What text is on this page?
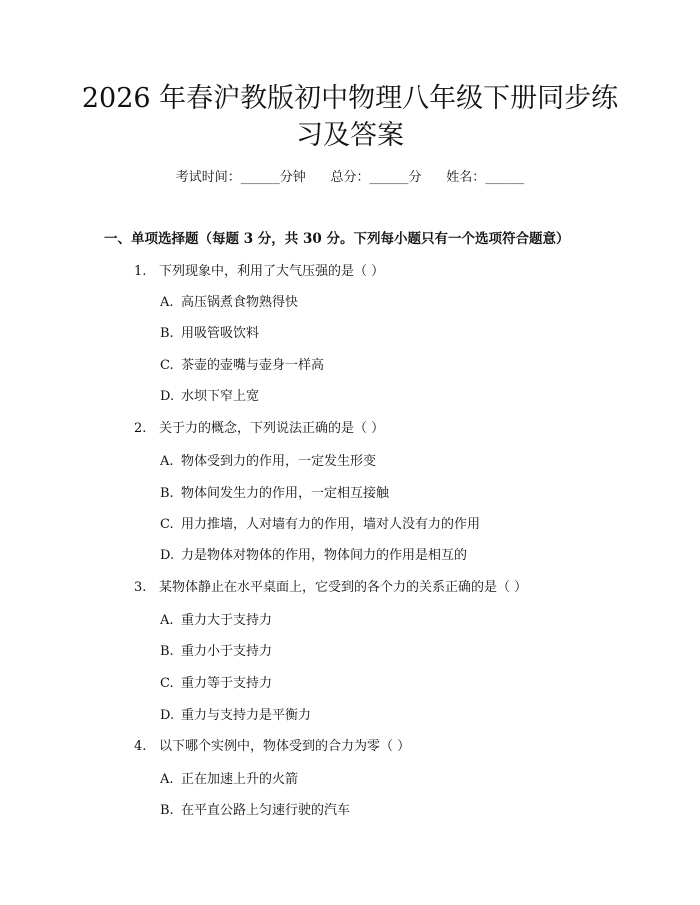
2026 年春沪教版初中物理八年级下册同步练
习及答案
考试时间：______分钟      总分：______分      姓名：______
一、单项选择题（每题 3 分，共 30 分。下列每小题只有一个选项符合题意）
1. 下列现象中，利用了大气压强的是（ ）
A. 高压锅煮食物熟得快
B. 用吸管吸饮料
C. 茶壶的壶嘴与壶身一样高
D. 水坝下窄上宽
2. 关于力的概念，下列说法正确的是（ ）
A. 物体受到力的作用，一定发生形变
B. 物体间发生力的作用，一定相互接触
C. 用力推墙，人对墙有力的作用，墙对人没有力的作用
D. 力是物体对物体的作用，物体间力的作用是相互的
3. 某物体静止在水平桌面上，它受到的各个力的关系正确的是（ ）
A. 重力大于支持力
B. 重力小于支持力
C. 重力等于支持力
D. 重力与支持力是平衡力
4. 以下哪个实例中，物体受到的合力为零（ ）
A. 正在加速上升的火箭
B. 在平直公路上匀速行驶的汽车
